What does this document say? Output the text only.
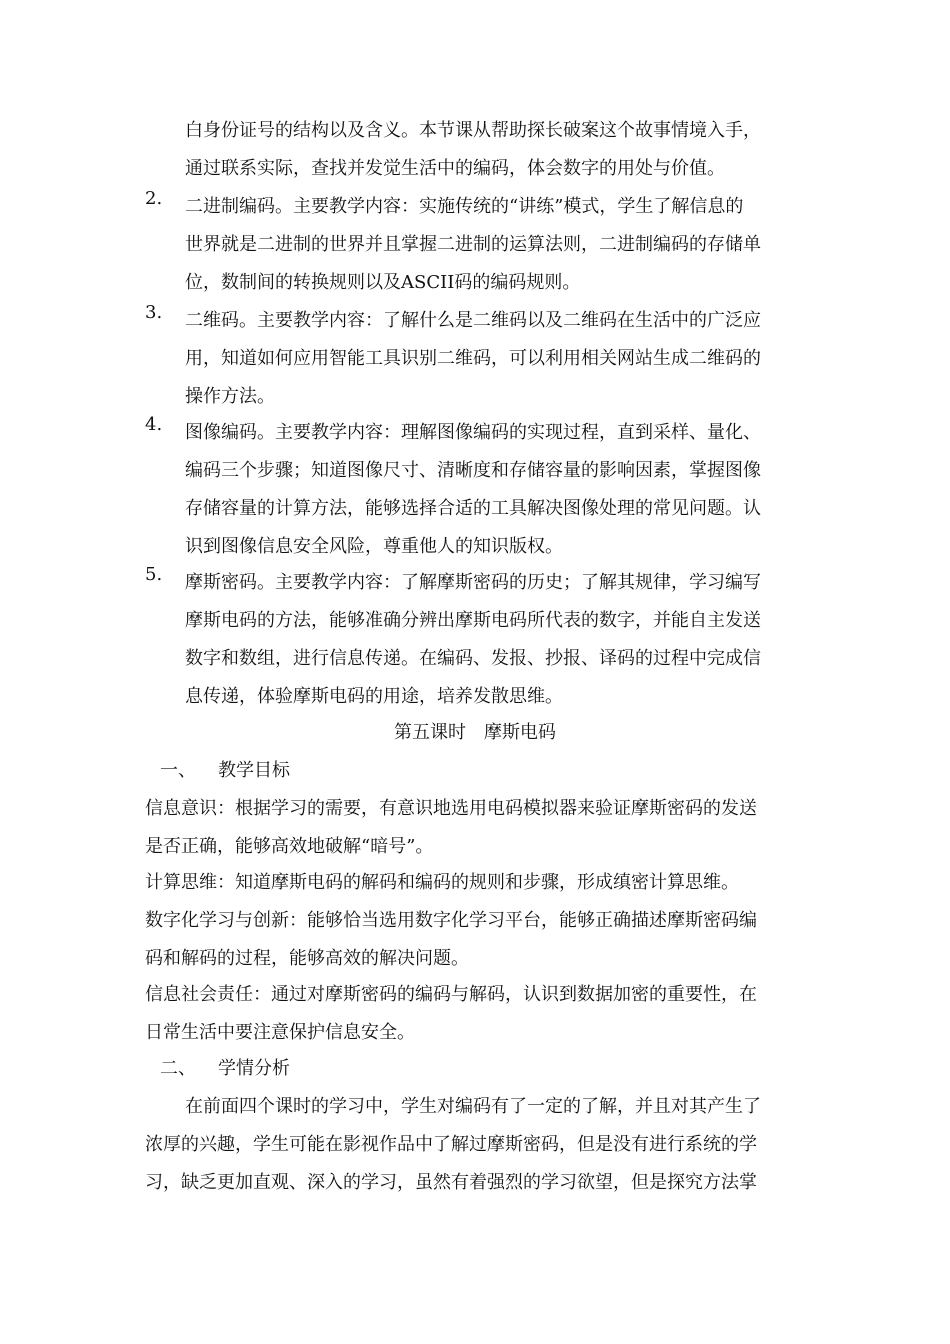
白身份证号的结构以及含义。本节课从帮助探长破案这个故事情境入手，
通过联系实际，查找并发觉生活中的编码，体会数字的用处与价值。
2.	二进制编码。主要教学内容：实施传统的“讲练”模式，学生了解信息的
世界就是二进制的世界并且掌握二进制的运算法则，二进制编码的存储单
位，数制间的转换规则以及ASCII码的编码规则。
3.	二维码。主要教学内容：了解什么是二维码以及二维码在生活中的广泛应
用，知道如何应用智能工具识别二维码，可以利用相关网站生成二维码的
操作方法。
4.	图像编码。主要教学内容：理解图像编码的实现过程，直到采样、量化、
编码三个步骤；知道图像尺寸、清晰度和存储容量的影响因素，掌握图像
存储容量的计算方法，能够选择合适的工具解决图像处理的常见问题。认
识到图像信息安全风险，尊重他人的知识版权。
5.	摩斯密码。主要教学内容：了解摩斯密码的历史；了解其规律，学习编写
摩斯电码的方法，能够准确分辨出摩斯电码所代表的数字，并能自主发送
数字和数组，进行信息传递。在编码、发报、抄报、译码的过程中完成信
息传递，体验摩斯电码的用途，培养发散思维。
第五课时　摩斯电码
一、 教学目标
信息意识：根据学习的需要，有意识地选用电码模拟器来验证摩斯密码的发送
是否正确，能够高效地破解“暗号”。
计算思维：知道摩斯电码的解码和编码的规则和步骤，形成缜密计算思维。
数字化学习与创新：能够恰当选用数字化学习平台，能够正确描述摩斯密码编
码和解码的过程，能够高效的解决问题。
信息社会责任：通过对摩斯密码的编码与解码，认识到数据加密的重要性，在
日常生活中要注意保护信息安全。
二、 学情分析
在前面四个课时的学习中，学生对编码有了一定的了解，并且对其产生了
浓厚的兴趣，学生可能在影视作品中了解过摩斯密码，但是没有进行系统的学
习，缺乏更加直观、深入的学习，虽然有着强烈的学习欲望，但是探究方法掌
